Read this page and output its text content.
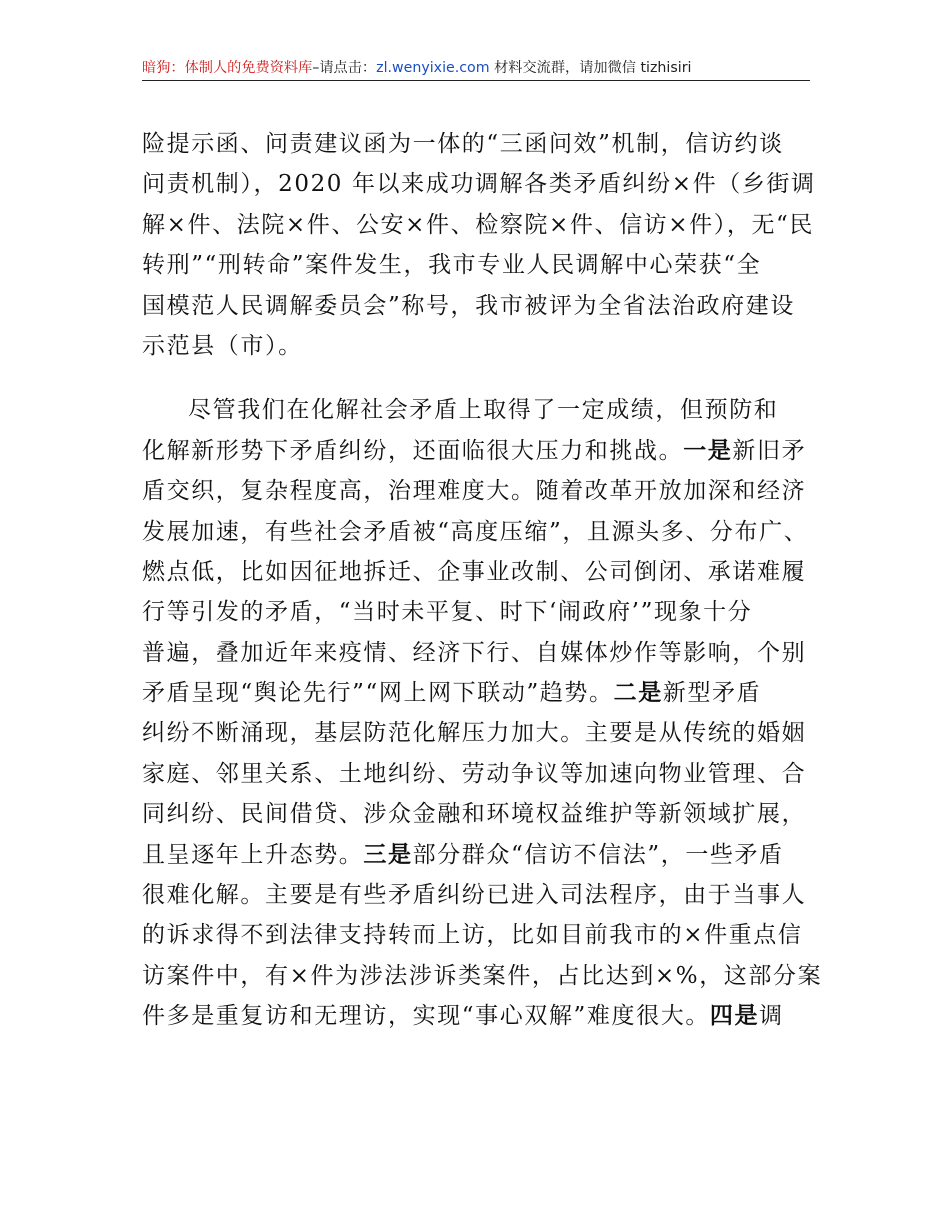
暗狗：体制人的免费资料库–请点击：zl.wenyixie.com 材料交流群，请加微信 tizhisiri
险提示函、问责建议函为一体的“三函问效”机制，信访约谈
问责机制），2020 年以来成功调解各类矛盾纠纷×件（乡街调
解×件、法院×件、公安×件、检察院×件、信访×件），无“民
转刑”“刑转命”案件发生，我市专业人民调解中心荣获“全
国模范人民调解委员会”称号，我市被评为全省法治政府建设
示范县（市）。
尽管我们在化解社会矛盾上取得了一定成绩，但预防和
化解新形势下矛盾纠纷，还面临很大压力和挑战。一是新旧矛
盾交织，复杂程度高，治理难度大。随着改革开放加深和经济
发展加速，有些社会矛盾被“高度压缩”，且源头多、分布广、
燃点低，比如因征地拆迁、企事业改制、公司倒闭、承诺难履
行等引发的矛盾，“当时未平复、时下‘闹政府’”现象十分
普遍，叠加近年来疫情、经济下行、自媒体炒作等影响，个别
矛盾呈现“舆论先行”“网上网下联动”趋势。二是新型矛盾
纠纷不断涌现，基层防范化解压力加大。主要是从传统的婚姻
家庭、邻里关系、土地纠纷、劳动争议等加速向物业管理、合
同纠纷、民间借贷、涉众金融和环境权益维护等新领域扩展，
且呈逐年上升态势。三是部分群众“信访不信法”，一些矛盾
很难化解。主要是有些矛盾纠纷已进入司法程序，由于当事人
的诉求得不到法律支持转而上访，比如目前我市的×件重点信
访案件中，有×件为涉法涉诉类案件，占比达到×%，这部分案
件多是重复访和无理访，实现“事心双解”难度很大。四是调
